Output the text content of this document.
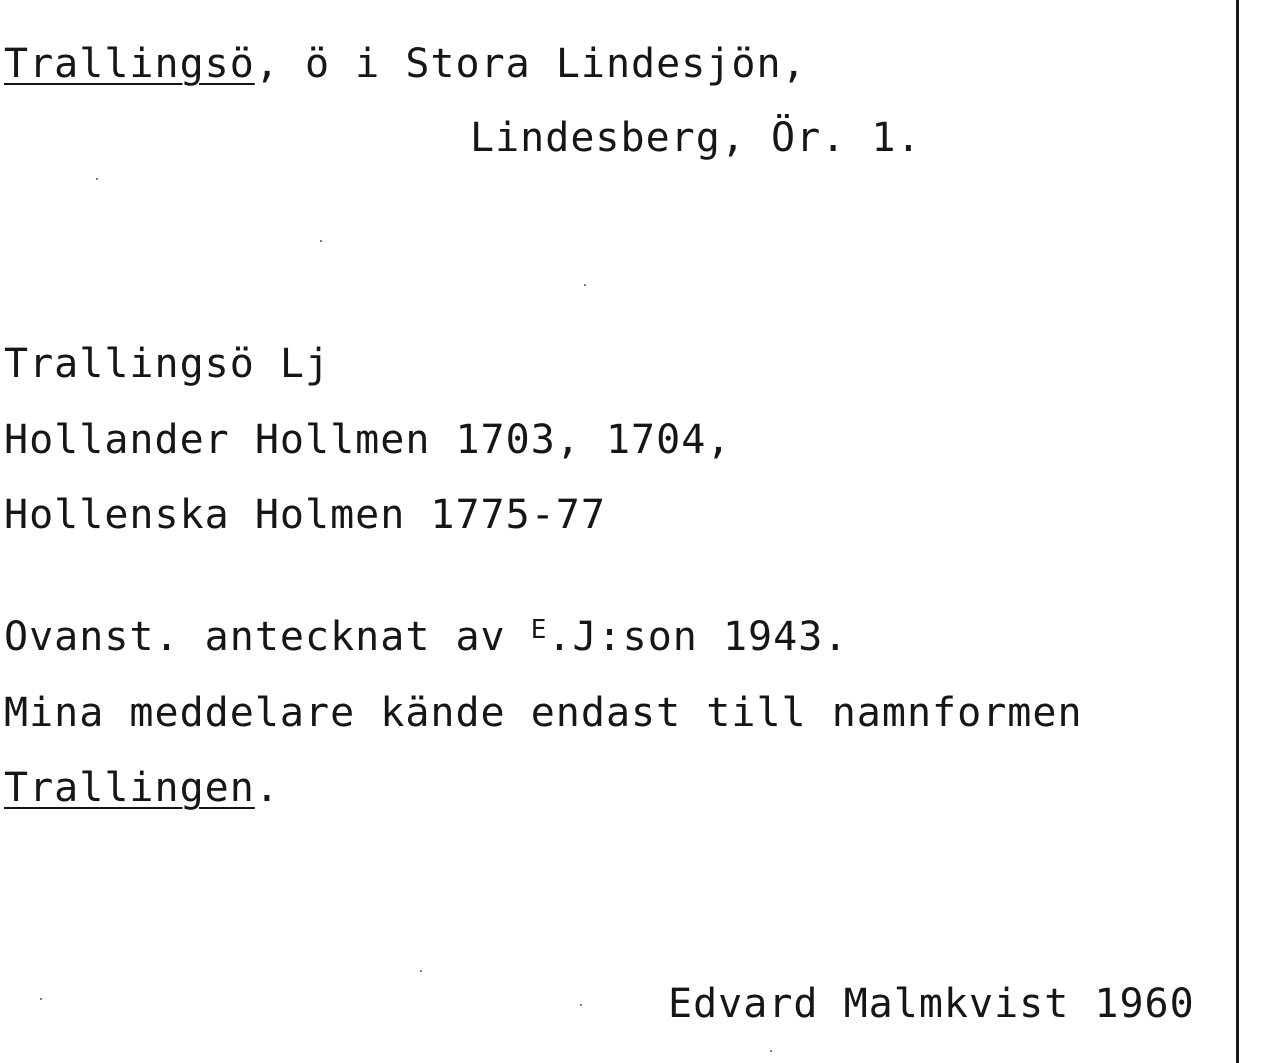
Trallingsö, ö i Stora Lindesjön,
Lindesberg, Ör. 1.
Trallingsö Lj
Hollander Hollmen 1703, 1704,
Hollenska Holmen 1775-77
Ovanst. antecknat av $^E$.J:son 1943.
Mina meddelare kände endast till namnformen
Trallingen.
Edvard Malmkvist 1960
